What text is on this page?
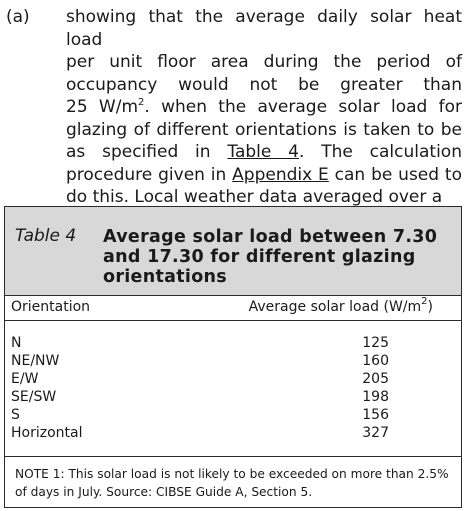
(a) showing that the average daily solar heat load
per unit floor area during the period of
occupancy would not be greater than
25 $W/m^2$. when the average solar load for
glazing of different orientations is taken to be
as specified in Table 4. The calculation
procedure given in Appendix E can be used to
do this. Local weather data averaged over a
Table 4 Average solar load between 7.30 and 17.30 for different glazing orientations
Orientation	Average solar load $(W/m^2)$
N	125
NE/NW	160
E/W	205
SE/SW	198
S	156
Horizontal	327
NOTE 1: This solar load is not likely to be exceeded on more than 2.5% of days in July. Source: CIBSE Guide A, Section 5.
